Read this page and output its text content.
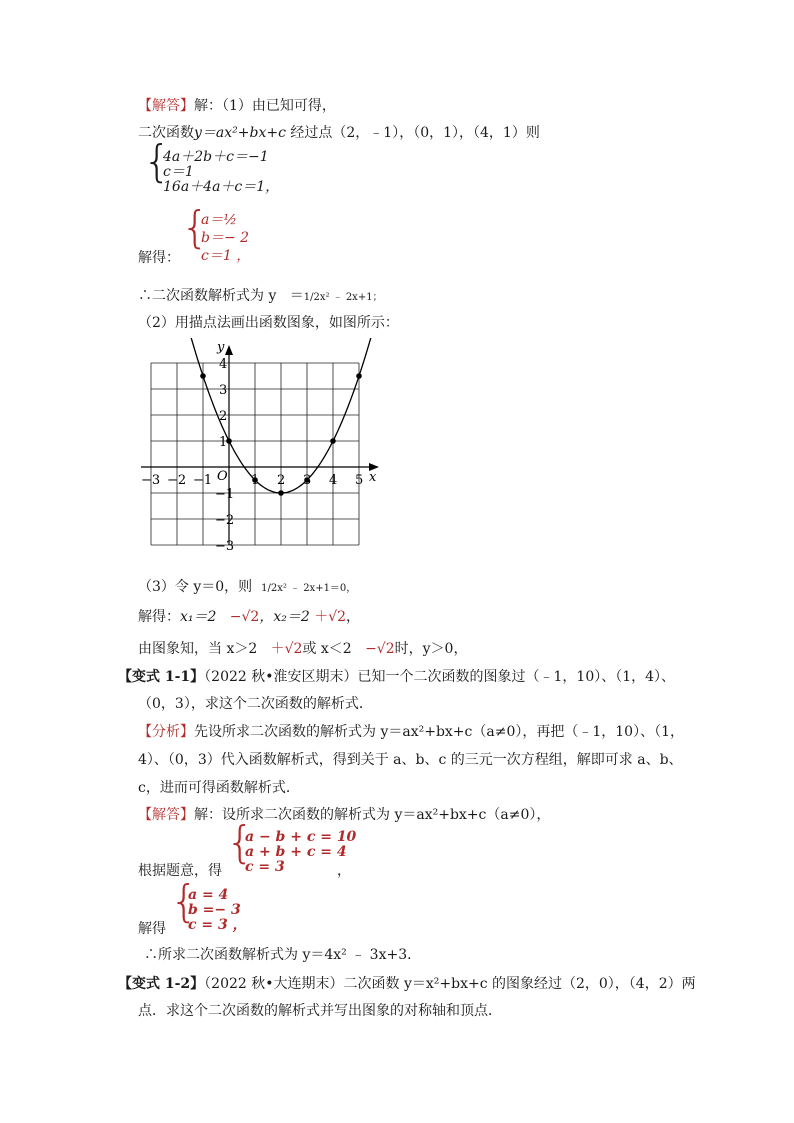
【解答】解：（1）由已知可得，
二次函数y＝ax²+bx+c 经过点（2，﹣1），（0，1），（4，1）则
{
4a＋2b＋c＝−1
c＝1
16a＋4a＋c＝1，
解得：
{
a＝½
b＝− 2
c＝1 ，
∴二次函数解析式为 y ＝1/2x² ﹣ 2x+1；
（2）用描点法画出函数图象，如图所示：
−3 −2 −1	1 2 3 4 5
4
3
2
1
−1
−2
−3
x
y
O
（3）令 y＝0，则 1/2x² ﹣ 2x+1＝0，
解得：x₁＝2 −√2，x₂＝2 ＋√2，
由图象知，当 x＞2 ＋√2或 x＜2 −√2时，y＞0，
【变式 1-1】（2022 秋•淮安区期末）已知一个二次函数的图象过（﹣1，10）、（1，4）、
（0，3），求这个二次函数的解析式．
【分析】先设所求二次函数的解析式为 y＝ax²+bx+c（a≠0），再把（﹣1，10）、（1，
4）、（0，3）代入函数解析式，得到关于 a、b、c 的三元一次方程组，解即可求 a、b、
c，进而可得函数解析式．
【解答】解：设所求二次函数的解析式为 y＝ax²+bx+c（a≠0），
{
a − b + c = 10
a + b + c = 4
c = 3
根据题意，得	，
{
a = 4
b =− 3
c = 3 ，
解得
∴所求二次函数解析式为 y＝4x² ﹣ 3x+3．
【变式 1-2】（2022 秋•大连期末）二次函数 y＝x²+bx+c 的图象经过（2，0），（4，2）两
点．求这个二次函数的解析式并写出图象的对称轴和顶点．
